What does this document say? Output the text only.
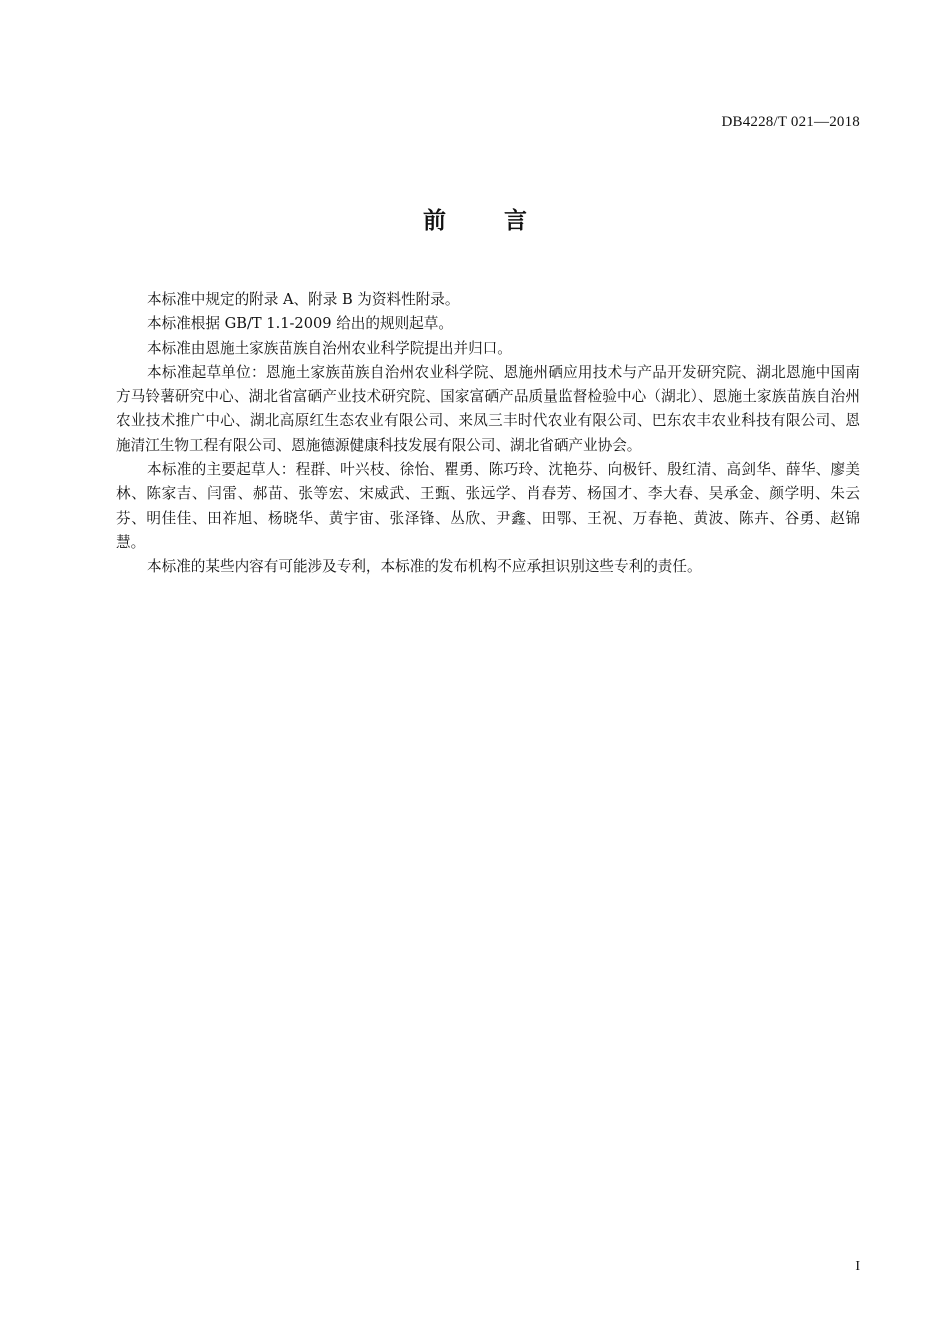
DB4228/T 021—2018
前言

本标准中规定的附录 A、附录 B 为资料性附录。

本标准根据 GB/T 1.1-2009 给出的规则起草。

本标准由恩施土家族苗族自治州农业科学院提出并归口。

本标准起草单位：恩施土家族苗族自治州农业科学院、恩施州硒应用技术与产品开发研究院、湖北恩施中国南方马铃薯研究中心、湖北省富硒产业技术研究院、国家富硒产品质量监督检验中心（湖北）、恩施土家族苗族自治州农业技术推广中心、湖北高原红生态农业有限公司、来凤三丰时代农业有限公司、巴东农丰农业科技有限公司、恩施清江生物工程有限公司、恩施德源健康科技发展有限公司、湖北省硒产业协会。

本标准的主要起草人：程群、叶兴枝、徐怡、瞿勇、陈巧玲、沈艳芬、向极钎、殷红清、高剑华、薛华、廖美林、陈家吉、闫雷、郝苗、张等宏、宋威武、王甄、张远学、肖春芳、杨国才、李大春、吴承金、颜学明、朱云芬、明佳佳、田祚旭、杨晓华、黄宇宙、张泽锋、丛欣、尹鑫、田鄂、王祝、万春艳、黄波、陈卉、谷勇、赵锦慧。

本标准的某些内容有可能涉及专利，本标准的发布机构不应承担识别这些专利的责任。

I
